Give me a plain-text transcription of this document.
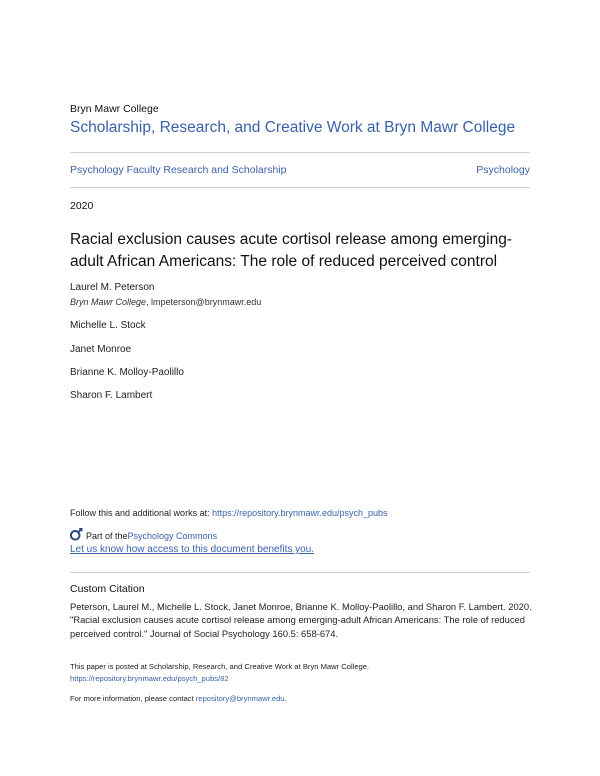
Bryn Mawr College
Scholarship, Research, and Creative Work at Bryn Mawr College
Psychology Faculty Research and Scholarship	Psychology
2020
Racial exclusion causes acute cortisol release among emerging-adult African Americans: The role of reduced perceived control
Laurel M. Peterson
Bryn Mawr College, lmpeterson@brynmawr.edu
Michelle L. Stock
Janet Monroe
Brianne K. Molloy-Paolillo
Sharon F. Lambert
Follow this and additional works at: https://repository.brynmawr.edu/psych_pubs
Part of the Psychology Commons
Let us know how access to this document benefits you.
Custom Citation
Peterson, Laurel M., Michelle L. Stock, Janet Monroe, Brianne K. Molloy-Paolillo, and Sharon F. Lambert. 2020. "Racial exclusion causes acute cortisol release among emerging-adult African Americans: The role of reduced perceived control." Journal of Social Psychology 160.5: 658-674.
This paper is posted at Scholarship, Research, and Creative Work at Bryn Mawr College.
https://repository.brynmawr.edu/psych_pubs/82
For more information, please contact repository@brynmawr.edu.
